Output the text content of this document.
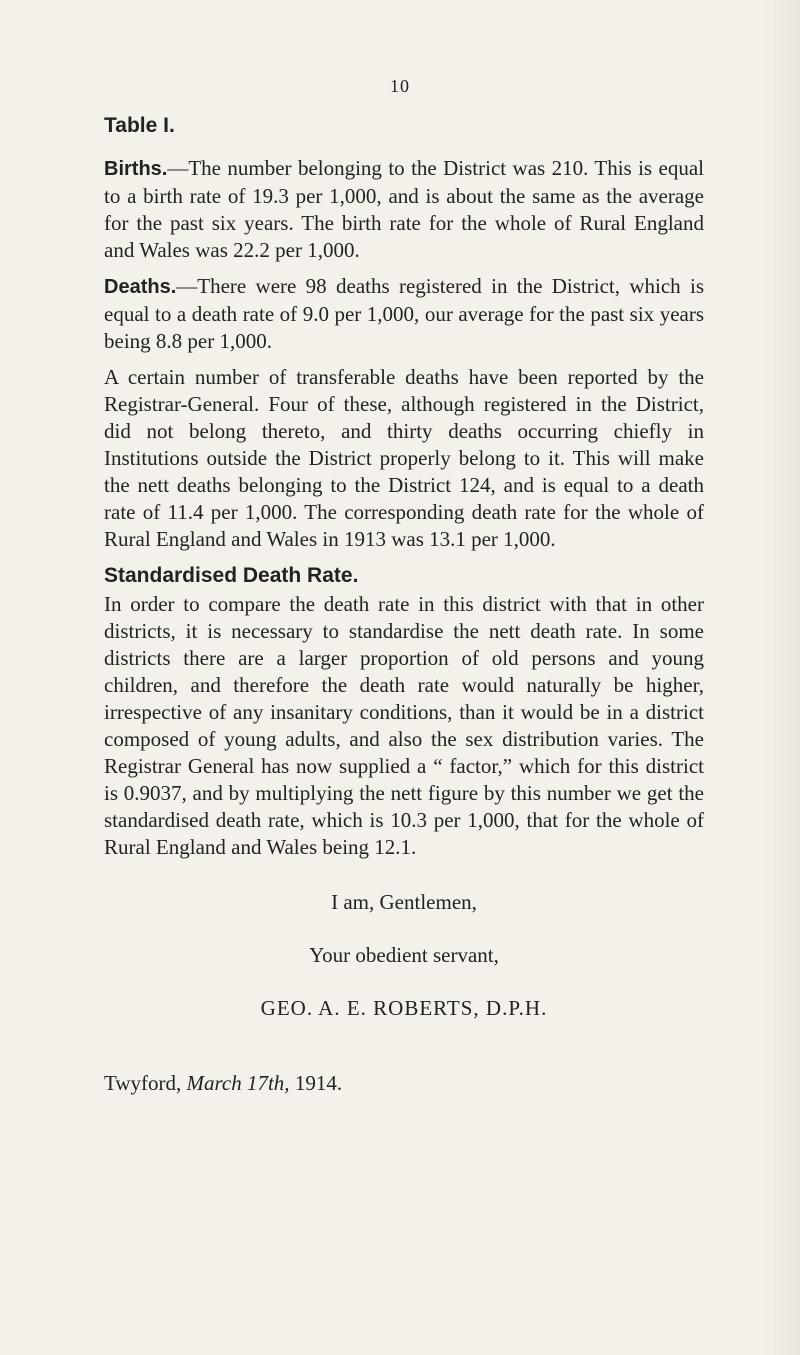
10
Table I.

Births.—The number belonging to the District was 210. This is equal to a birth rate of 19.3 per 1,000, and is about the same as the average for the past six years. The birth rate for the whole of Rural England and Wales was 22.2 per 1,000.

Deaths.—There were 98 deaths registered in the District, which is equal to a death rate of 9.0 per 1,000, our average for the past six years being 8.8 per 1,000.

A certain number of transferable deaths have been reported by the Registrar-General. Four of these, although registered in the District, did not belong thereto, and thirty deaths occurring chiefly in Institutions outside the District properly belong to it. This will make the nett deaths belonging to the District 124, and is equal to a death rate of 11.4 per 1,000. The corresponding death rate for the whole of Rural England and Wales in 1913 was 13.1 per 1,000.

Standardised Death Rate.

In order to compare the death rate in this district with that in other districts, it is necessary to standardise the nett death rate. In some districts there are a larger proportion of old persons and young children, and therefore the death rate would naturally be higher, irrespective of any insanitary conditions, than it would be in a district composed of young adults, and also the sex distribution varies. The Registrar General has now supplied a “ factor,” which for this district is 0.9037, and by multiplying the nett figure by this number we get the standardised death rate, which is 10.3 per 1,000, that for the whole of Rural England and Wales being 12.1.

I am, Gentlemen,
Your obedient servant,
GEO. A. E. ROBERTS, D.P.H.
Twyford, March 17th, 1914.
